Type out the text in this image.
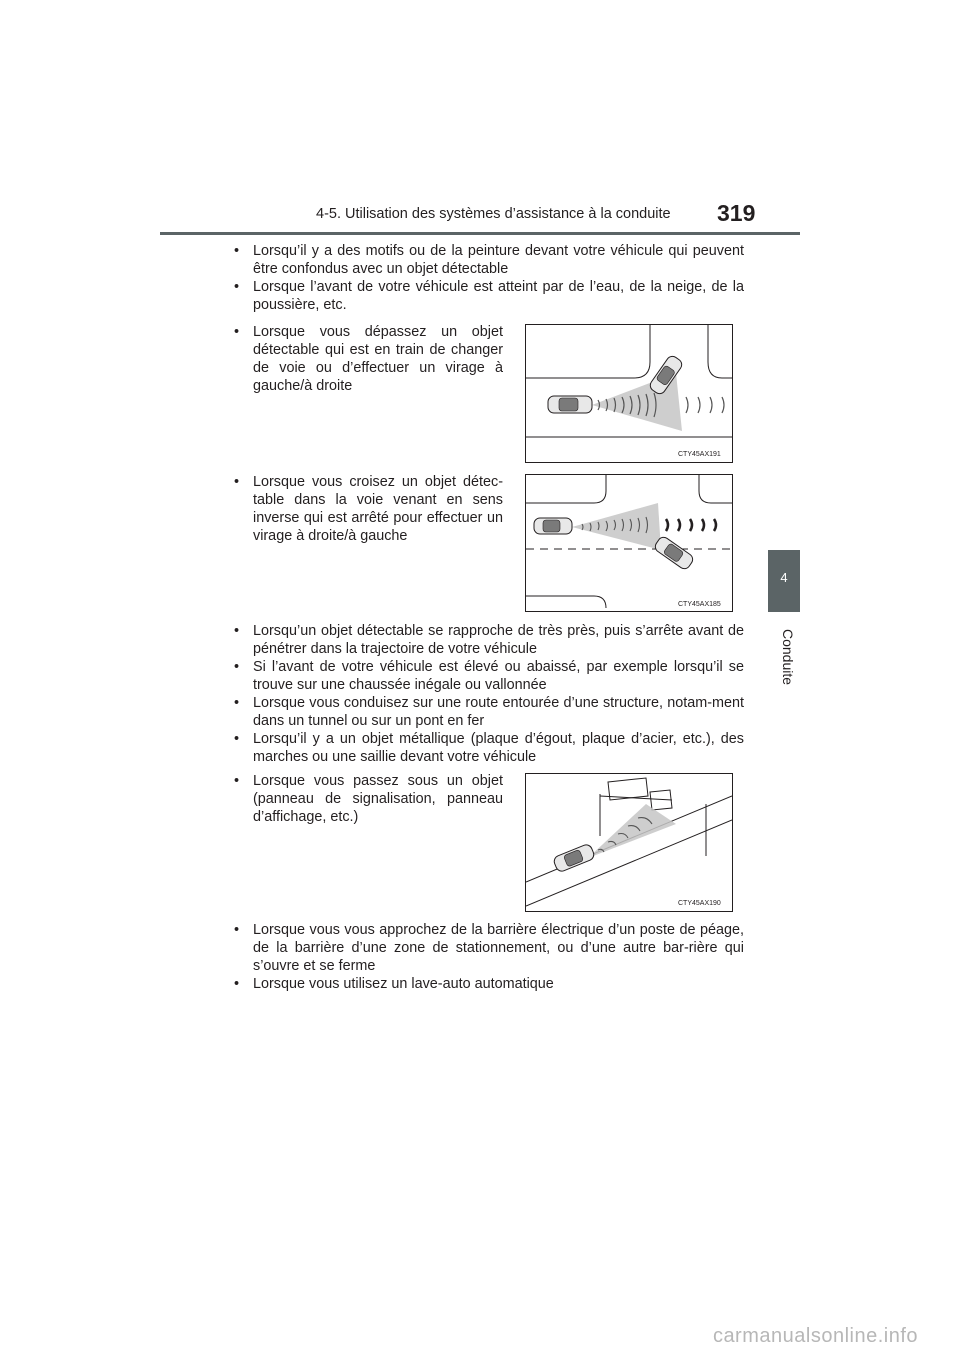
4-5. Utilisation des systèmes d’assistance à la conduite 319
4
Conduite
• Lorsqu’il y a des motifs ou de la peinture devant votre véhicule qui peuvent être confondus avec un objet détectable
• Lorsque l’avant de votre véhicule est atteint par de l’eau, de la neige, de la poussière, etc.
• Lorsque vous dépassez un objet détectable qui est en train de changer de voie ou d’effectuer un virage à gauche/à droite
CTY45AX191
• Lorsque vous croisez un objet détec-table dans la voie venant en sens inverse qui est arrêté pour effectuer un virage à droite/à gauche
CTY45AX185
• Lorsqu’un objet détectable se rapproche de très près, puis s’arrête avant de pénétrer dans la trajectoire de votre véhicule
• Si l’avant de votre véhicule est élevé ou abaissé, par exemple lorsqu’il se trouve sur une chaussée inégale ou vallonnée
• Lorsque vous conduisez sur une route entourée d’une structure, notam-ment dans un tunnel ou sur un pont en fer
• Lorsqu’il y a un objet métallique (plaque d’égout, plaque d’acier, etc.), des marches ou une saillie devant votre véhicule
• Lorsque vous passez sous un objet (panneau de signalisation, panneau d’affichage, etc.)
CTY45AX190
• Lorsque vous vous approchez de la barrière électrique d’un poste de péage, de la barrière d’une zone de stationnement, ou d’une autre bar-rière qui s’ouvre et se ferme
• Lorsque vous utilisez un lave-auto automatique
carmanualsonline.info
